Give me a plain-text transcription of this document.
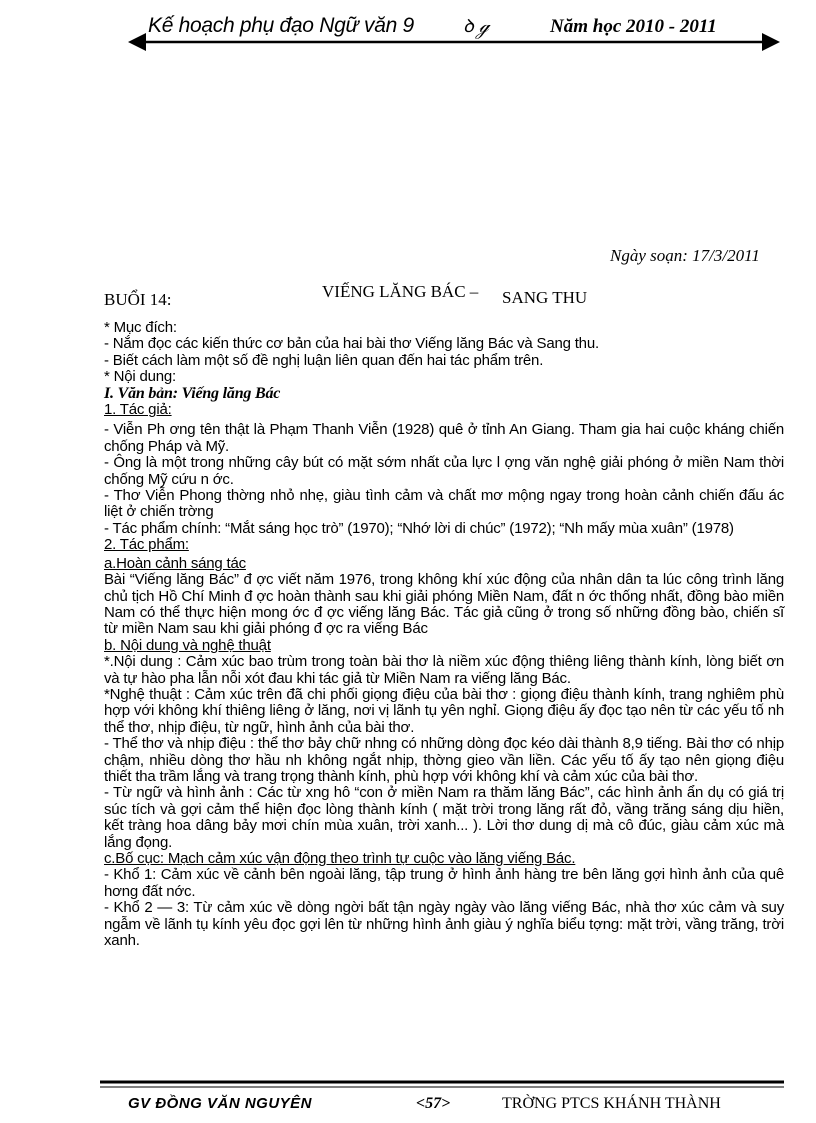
Kế hoạch phụ đạo Ngữ văn 9	ꝺ ℊ	Năm học 2010 - 2011
Ngày soạn: 17/3/2011
BUỔI 14:	VIẾNG LĂNG BÁC – SANG THU

* Mục đích:

- Nắm đọc các kiến thức cơ bản của hai bài thơ Viếng lăng Bác và Sang thu.

- Biết cách làm một số đề nghị luận liên quan đến hai tác phẩm trên.

* Nội dung:

I. Văn bản: Viếng lăng Bác

1. Tác giả:

- Viễn Ph ơng tên thật là Phạm Thanh Viễn (1928) quê ở tỉnh An Giang. Tham gia hai cuộc kháng chiến chống Pháp và Mỹ.

- Ông là một trong những cây bút có mặt sớm nhất của lực l ợng văn nghệ giải phóng ở miền Nam thời chống Mỹ cứu n ớc.

- Thơ Viễn Phong thờng nhỏ nhẹ, giàu tình cảm và chất mơ mộng ngay trong hoàn cảnh chiến đấu ác liệt ở chiến trờng

- Tác phẩm chính: “Mắt sáng học trò” (1970); “Nhớ lời di chúc” (1972); “Nh mấy mùa xuân” (1978)

2. Tác phẩm:

a.Hoàn cảnh sáng tác

Bài “Viếng lăng Bác” đ ợc viết năm 1976, trong không khí xúc động của nhân dân ta lúc công trình lăng chủ tịch Hồ Chí Minh đ ợc hoàn thành sau khi giải phóng Miền Nam, đất n ớc thống nhất, đồng bào miền Nam có thể thực hiện mong ớc đ ợc viếng lăng Bác. Tác giả cũng ở trong số những đồng bào, chiến sĩ từ miền Nam sau khi giải phóng đ ợc ra viếng Bác

b. Nội dung và nghệ thuật

*.Nội dung : Cảm xúc bao trùm trong toàn bài thơ là niềm xúc động thiêng liêng thành kính, lòng biết ơn và tự hào pha lẫn nỗi xót đau khi tác giả từ Miền Nam ra viếng lăng Bác.

*Nghệ thuật : Cảm xúc trên đã chi phối giọng điệu của bài thơ : giọng điệu thành kính, trang nghiêm phù hợp với không khí thiêng liêng ở lăng, nơi vị lãnh tụ yên nghỉ. Giọng điệu ấy đọc tạo nên từ các yếu tố nh thể thơ, nhịp điệu, từ ngữ, hình ảnh của bài thơ.

- Thể thơ và nhịp điệu : thể thơ bảy chữ nhng có những dòng đọc kéo dài thành 8,9 tiếng. Bài thơ có nhịp chậm, nhiều dòng thơ hầu nh không ngắt nhịp, thờng gieo vần liền. Các yếu tố ấy tạo nên giọng điệu thiết tha trầm lắng và trang trọng thành kính, phù hợp với không khí và cảm xúc của bài thơ.

- Từ ngữ và hình ảnh : Các từ xng hô “con ở miền Nam ra thăm lăng Bác”, các hình ảnh ẩn dụ có giá trị súc tích và gợi cảm thể hiện đọc lòng thành kính ( mặt trời trong lăng rất đỏ, vầng trăng sáng dịu hiền, kết tràng hoa dâng bảy mơi chín mùa xuân, trời xanh... ). Lời thơ dung dị mà cô đúc, giàu cảm xúc mà lắng đọng.

c.Bố cục: Mạch cảm xúc vận động theo trình tự cuộc vào lăng viếng Bác.

- Khổ 1: Cảm xúc về cảnh bên ngoài lăng, tập trung ở hình ảnh hàng tre bên lăng gợi hình ảnh của quê hơng đất nớc.

- Khổ 2 — 3: Từ cảm xúc về dòng ngời bất tận ngày ngày vào lăng viếng Bác, nhà thơ xúc cảm và suy ngẫm về lãnh tụ kính yêu đọc gợi lên từ những hình ảnh giàu ý nghĩa biểu tợng: mặt trời, vầng trăng, trời xanh.

GV ĐỒNG VĂN NGUYÊN	<57>	TRỜNG PTCS KHÁNH THÀNH
